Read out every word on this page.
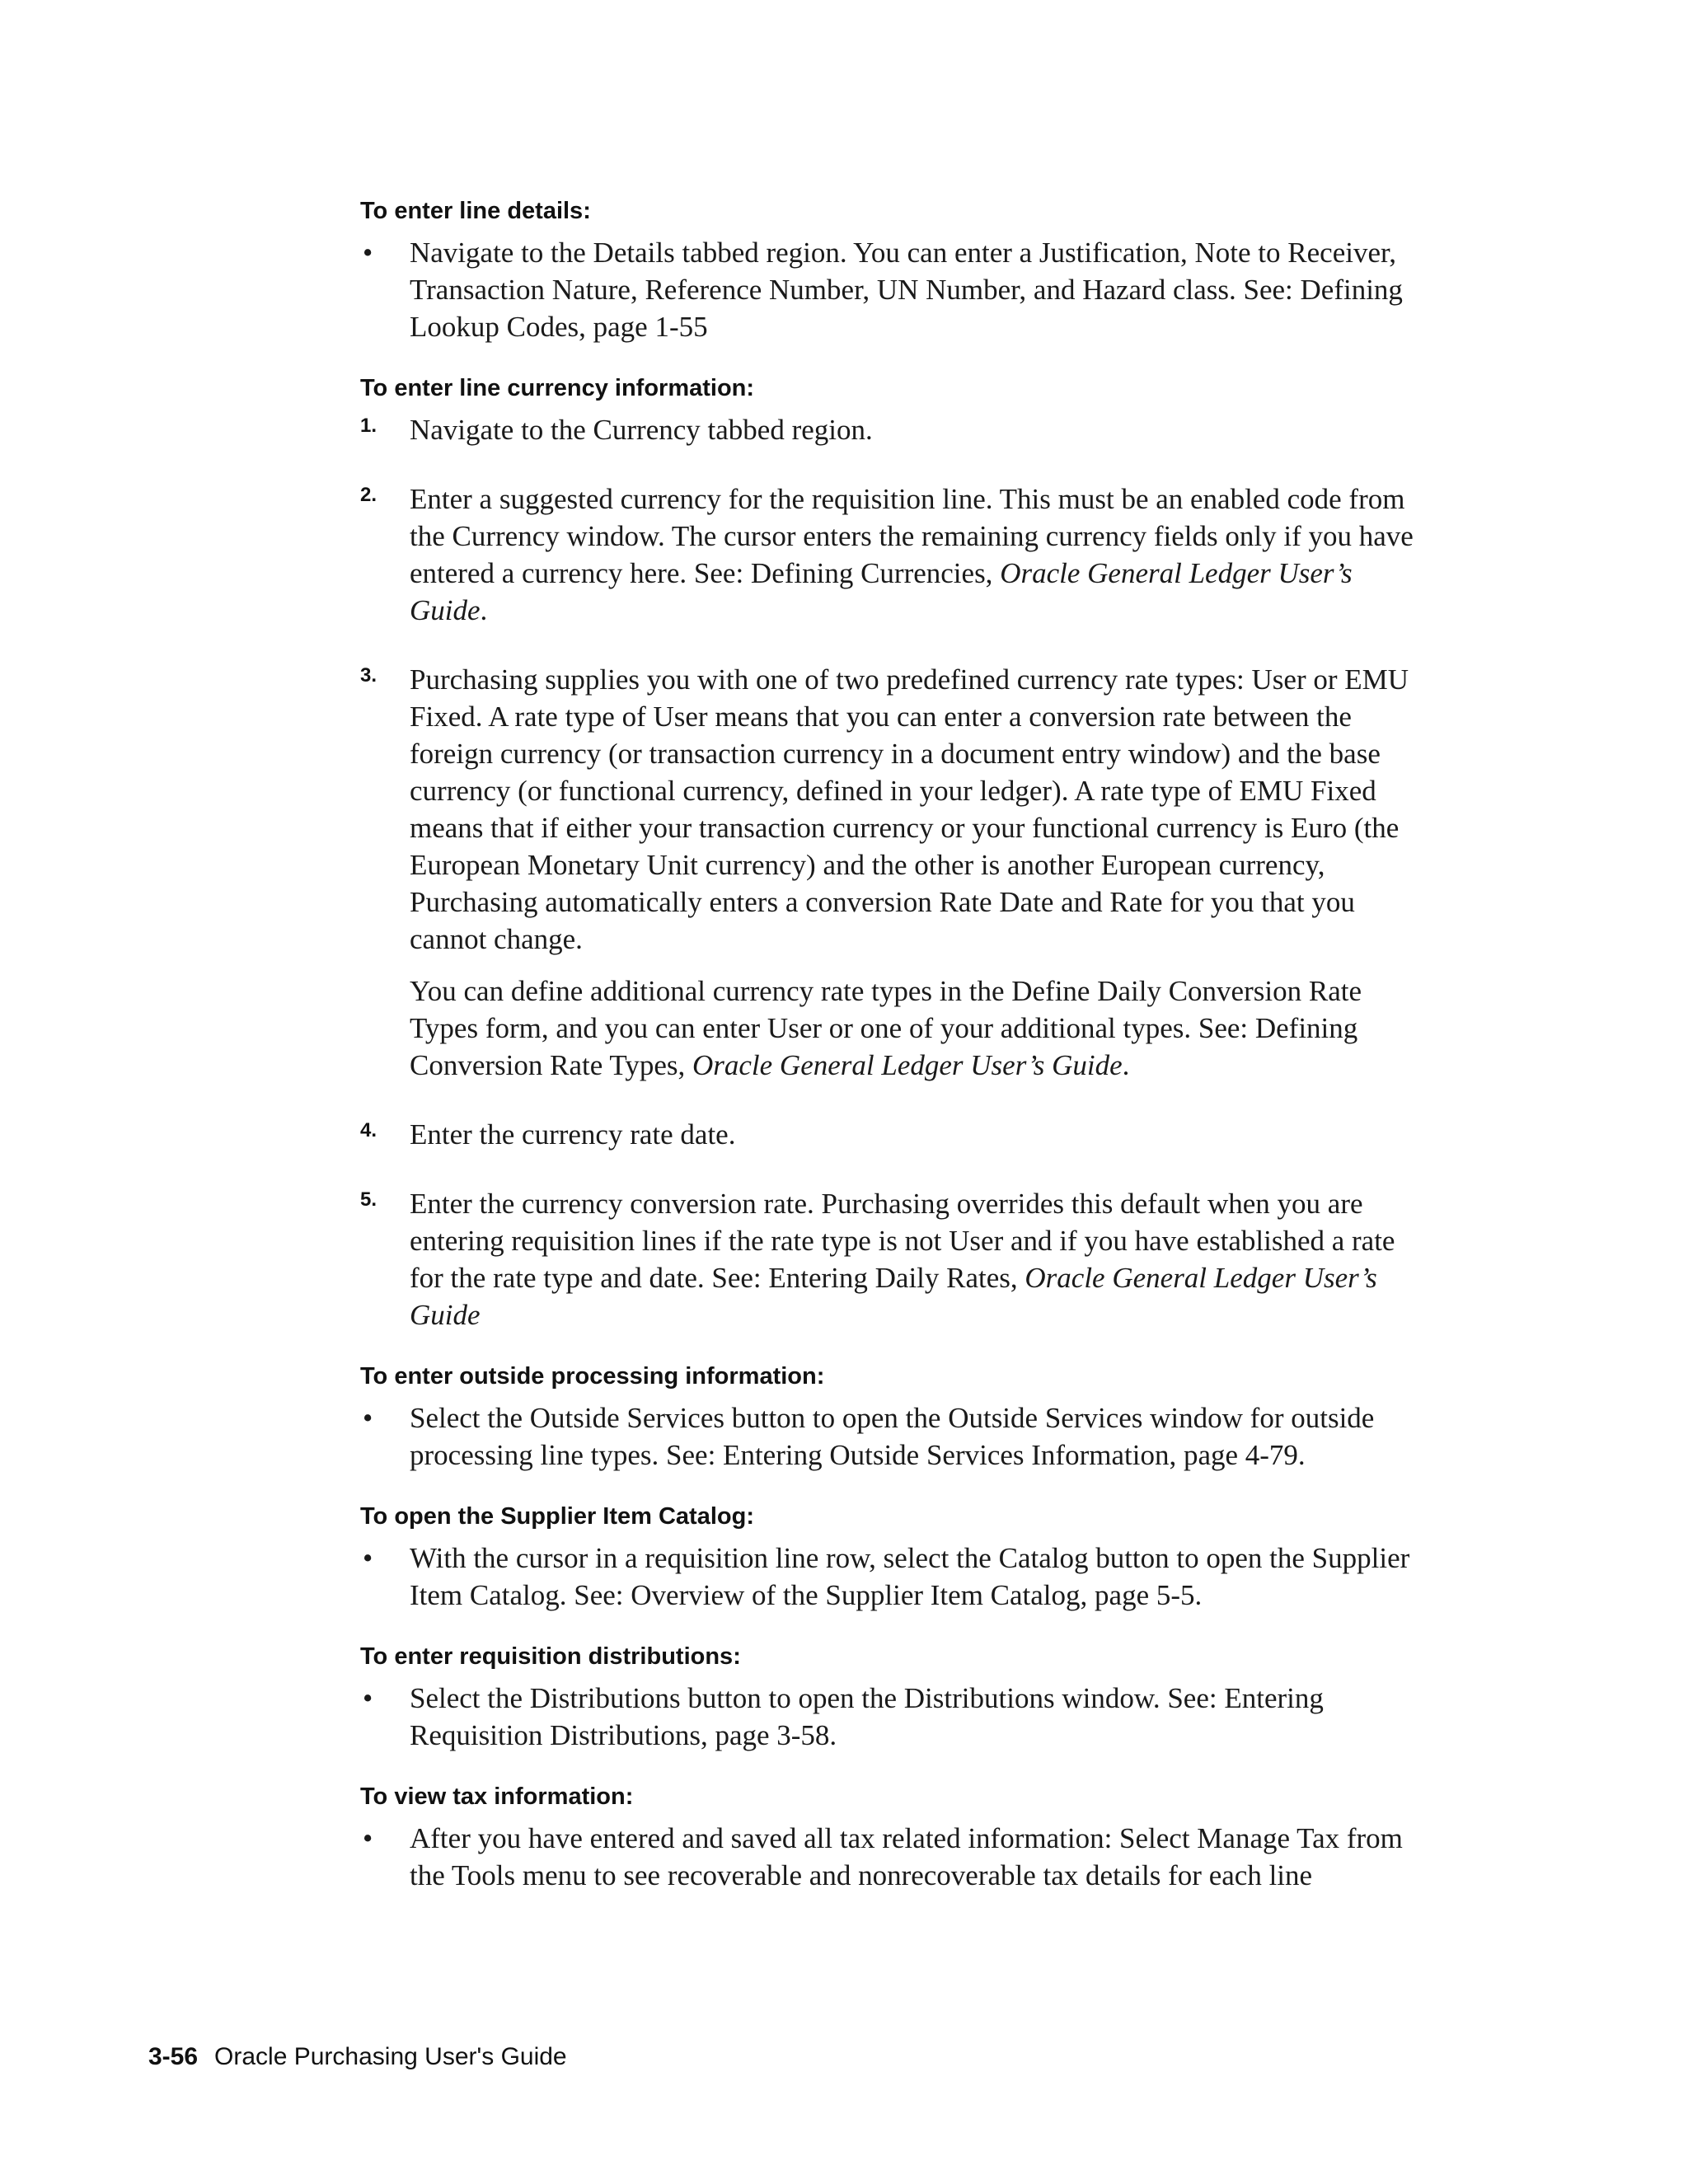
To enter line details:
• Navigate to the Details tabbed region. You can enter a Justification, Note to Receiver, Transaction Nature, Reference Number, UN Number, and Hazard class. See: Defining Lookup Codes, page 1-55

To enter line currency information:
1. Navigate to the Currency tabbed region.

2. Enter a suggested currency for the requisition line. This must be an enabled code from the Currency window. The cursor enters the remaining currency fields only if you have entered a currency here. See: Defining Currencies, Oracle General Ledger User’s Guide.

3. Purchasing supplies you with one of two predefined currency rate types: User or EMU Fixed. A rate type of User means that you can enter a conversion rate between the foreign currency (or transaction currency in a document entry window) and the base currency (or functional currency, defined in your ledger). A rate type of EMU Fixed means that if either your transaction currency or your functional currency is Euro (the European Monetary Unit currency) and the other is another European currency, Purchasing automatically enters a conversion Rate Date and Rate for you that you cannot change.

You can define additional currency rate types in the Define Daily Conversion Rate Types form, and you can enter User or one of your additional types. See: Defining Conversion Rate Types, Oracle General Ledger User’s Guide.

4. Enter the currency rate date.

5. Enter the currency conversion rate. Purchasing overrides this default when you are entering requisition lines if the rate type is not User and if you have established a rate for the rate type and date. See: Entering Daily Rates, Oracle General Ledger User’s Guide

To enter outside processing information:
• Select the Outside Services button to open the Outside Services window for outside processing line types. See: Entering Outside Services Information, page 4-79.

To open the Supplier Item Catalog:
• With the cursor in a requisition line row, select the Catalog button to open the Supplier Item Catalog. See: Overview of the Supplier Item Catalog, page 5-5.

To enter requisition distributions:
• Select the Distributions button to open the Distributions window. See: Entering Requisition Distributions, page 3-58.

To view tax information:
• After you have entered and saved all tax related information: Select Manage Tax from the Tools menu to see recoverable and nonrecoverable tax details for each line

3-56 Oracle Purchasing User's Guide
